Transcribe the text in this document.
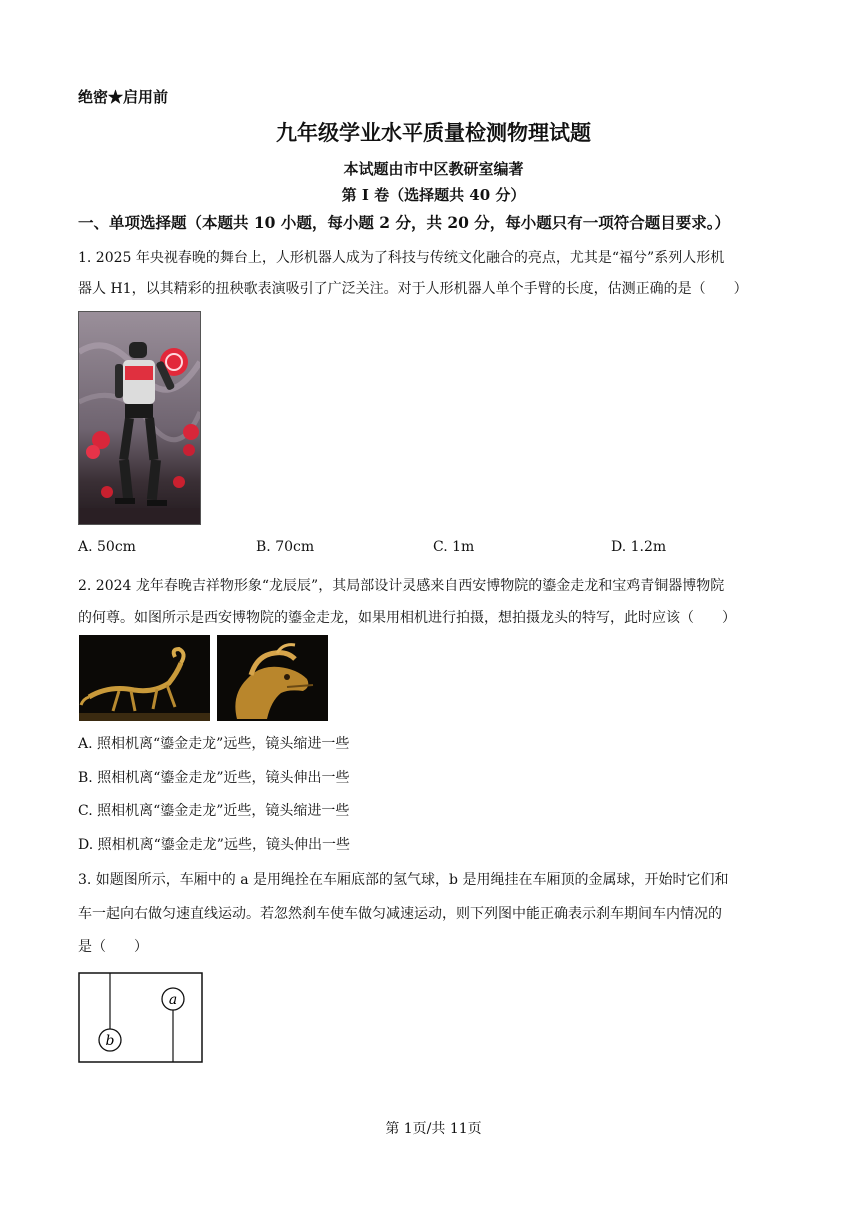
绝密★启用前
九年级学业水平质量检测物理试题
本试题由市中区教研室编著
第 I 卷（选择题共 40 分）
一、单项选择题（本题共 10 小题，每小题 2 分，共 20 分，每小题只有一项符合题目要求。）
1. 2025 年央视春晚的舞台上，人形机器人成为了科技与传统文化融合的亮点，尤其是“福兮”系列人形机
器人 H1，以其精彩的扭秧歌表演吸引了广泛关注。对于人形机器人单个手臂的长度，估测正确的是（　　）
A. 50cm	B. 70cm	C. 1m	D. 1.2m
2. 2024 龙年春晚吉祥物形象“龙辰辰”，其局部设计灵感来自西安博物院的鎏金走龙和宝鸡青铜器博物院
的何尊。如图所示是西安博物院的鎏金走龙，如果用相机进行拍摄，想拍摄龙头的特写，此时应该（　　）
A. 照相机离“鎏金走龙”远些，镜头缩进一些
B. 照相机离“鎏金走龙”近些，镜头伸出一些
C. 照相机离“鎏金走龙”近些，镜头缩进一些
D. 照相机离“鎏金走龙”远些，镜头伸出一些
3. 如题图所示，车厢中的 a 是用绳拴在车厢底部的氢气球，b 是用绳挂在车厢顶的金属球，开始时它们和
车一起向右做匀速直线运动。若忽然刹车使车做匀减速运动，则下列图中能正确表示刹车期间车内情况的
是（　　）
b
a
第 1页/共 11页
